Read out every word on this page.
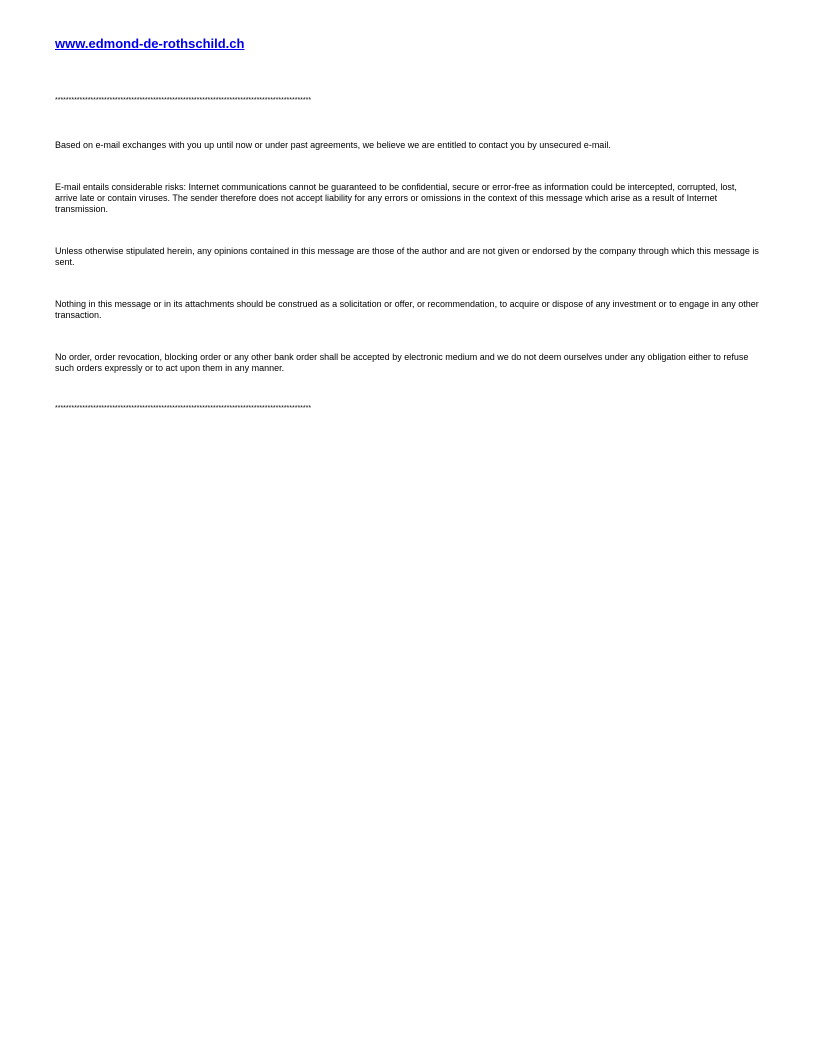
www.edmond-de-rothschild.ch
**********************************************************************************************
Based on e-mail exchanges with you up until now or under past agreements, we believe we are entitled to contact you by unsecured e-mail.
E-mail entails considerable risks: Internet communications cannot be guaranteed to be confidential, secure or error-free as information could be intercepted, corrupted, lost, arrive late or contain viruses. The sender therefore does not accept liability for any errors or omissions in the context of this message which arise as a result of Internet transmission.
Unless otherwise stipulated herein, any opinions contained in this message are those of the author and are not given or endorsed by the company through which this message is sent.
Nothing in this message or in its attachments should be construed as a solicitation or offer, or recommendation, to acquire or dispose of any investment or to engage in any other transaction.
No order, order revocation, blocking order or any other bank order shall be accepted by electronic medium and we do not deem ourselves under any obligation either to refuse such orders expressly or to act upon them in any manner.
**********************************************************************************************
